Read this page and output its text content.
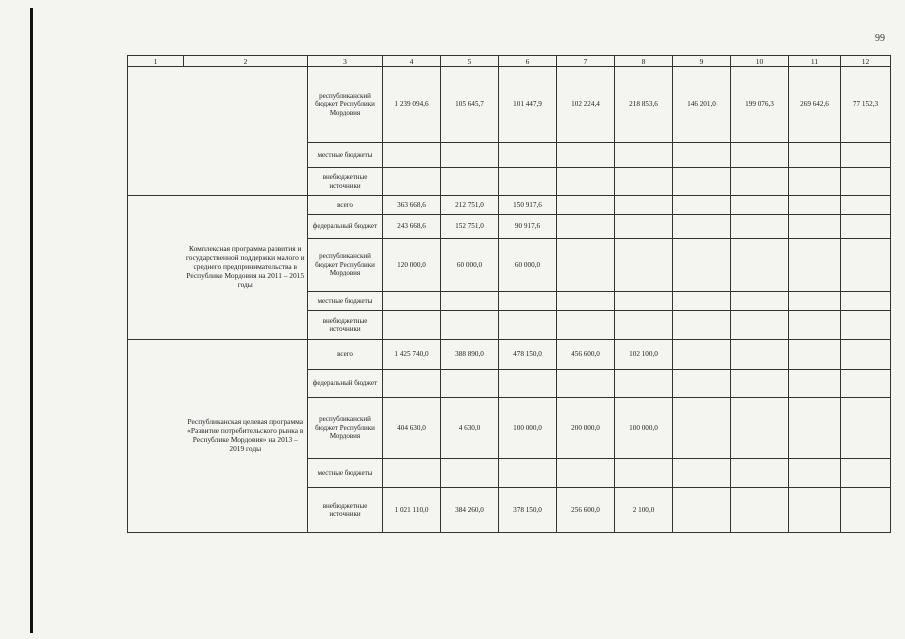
99
1	2	3	4	5	6	7	8	9	10	11	12
		республиканский бюджет Республики Мордовия	1 239 094,6	105 645,7	101 447,9	102 224,4	218 853,6	146 201,0	199 076,3	269 642,6	77 152,3
		местные бюджеты									
		внебюджетные источники									
	Комплексная программа развития и государственной поддержки малого и среднего предпринимательства в Республике Мордовия на 2011 – 2015 годы	всего	363 668,6	212 751,0	150 917,6						
		федеральный бюджет	243 668,6	152 751,0	90 917,6						
		республиканский бюджет Республики Мордовия	120 000,0	60 000,0	60 000,0						
		местные бюджеты									
		внебюджетные источники									
	Республиканская целевая программа «Развитие потребительского рынка в Республике Мордовия» на 2013 – 2019 годы	всего	1 425 740,0	388 890,0	478 150,0	456 600,0	102 100,0				
		федеральный бюджет									
		республиканский бюджет Республики Мордовия	404 630,0	4 630,0	100 000,0	200 000,0	100 000,0				
		местные бюджеты									
		внебюджетные источники	1 021 110,0	384 260,0	378 150,0	256 600,0	2 100,0				
